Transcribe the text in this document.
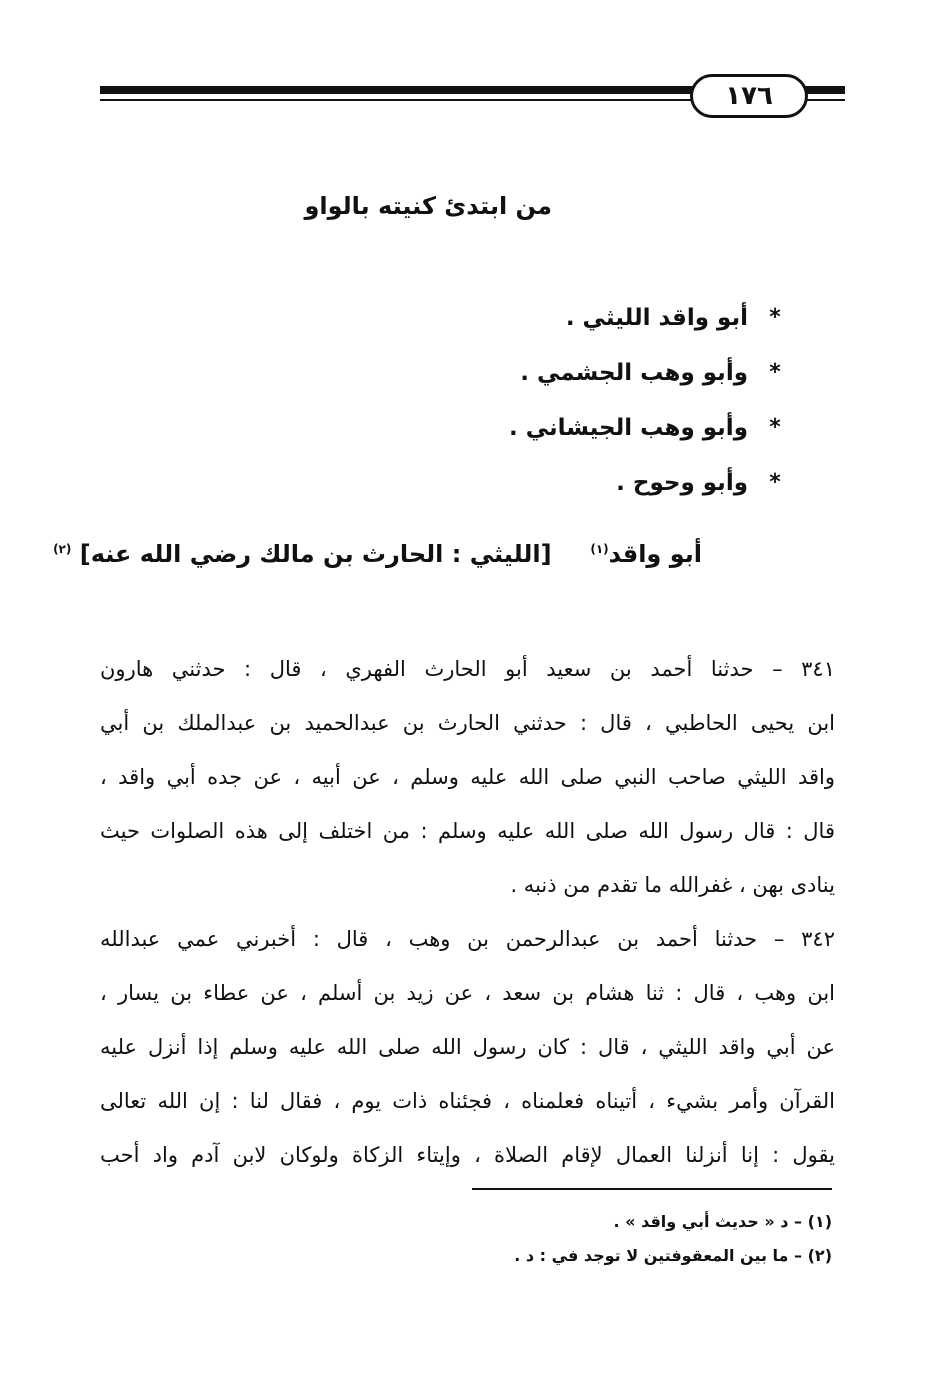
١٧٦
من ابتدئ كنيته بالواو
*
أبو واقد الليثي .
*
وأبو وهب الجشمي .
*
وأبو وهب الجيشاني .
*
وأبو وحوح .
أبو واقد$^{(١)}$  [الليثي : الحارث بن مالك رضي الله عنه] $^{(٢)}$
٣٤١ – حدثنا أحمد بن سعيد أبو الحارث الفهري ، قال : حدثني هارون
ابن يحيى الحاطبي ، قال : حدثني الحارث بن عبدالحميد بن عبدالملك بن أبي
واقد الليثي صاحب النبي صلى الله عليه وسلم ، عن أبيه ، عن جده أبي واقد ،
قال : قال رسول الله صلى الله عليه وسلم : من اختلف إلى هذه الصلوات حيث
ينادى بهن ، غفرالله ما تقدم من ذنبه .
٣٤٢ – حدثنا أحمد بن عبدالرحمن بن وهب ، قال : أخبرني عمي عبدالله
ابن وهب ، قال : ثنا هشام بن سعد ، عن زيد بن أسلم ، عن عطاء بن يسار ،
عن أبي واقد الليثي ، قال : كان رسول الله صلى الله عليه وسلم إذا أنزل عليه
القرآن وأمر بشيء ، أتيناه فعلمناه ، فجئناه ذات يوم ، فقال لنا : إن الله تعالى
يقول : إنا أنزلنا العمال لإقام الصلاة ، وإيتاء الزكاة ولوكان لابن آدم واد أحب
(١) – د « حديث أبي واقد » .
(٢) – ما بين المعقوفتين لا توجد في : د .
